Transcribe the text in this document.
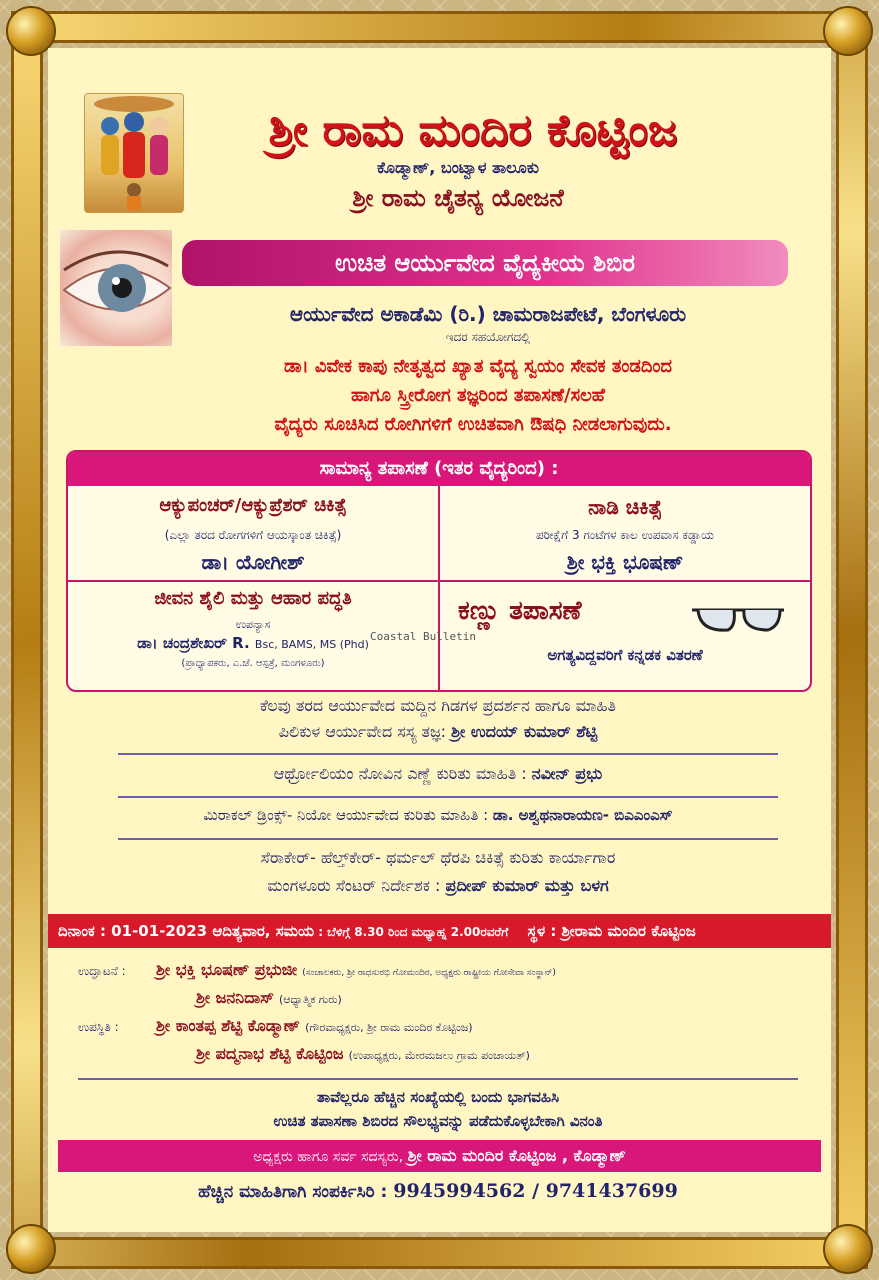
ಶ್ರೀ ರಾಮ ಮಂದಿರ ಕೊಟ್ಟಿಂಜ
ಕೊಡ್ಮಾಣ್, ಬಂಟ್ವಾಳ ತಾಲೂಕು
ಶ್ರೀ ರಾಮ ಚೈತನ್ಯ ಯೋಜನೆ
ಉಚಿತ ಆರ್ಯುವೇದ ವೈದ್ಯಕೀಯ ಶಿಬಿರ
ಆರ್ಯುವೇದ ಅಕಾಡೆಮಿ (ರಿ.) ಚಾಮರಾಜಪೇಟೆ, ಬೆಂಗಳೂರು
ಇದರ ಸಹಯೋಗದಲ್ಲಿ
ಡಾ। ವಿವೇಕ ಕಾಪು ನೇತೃತ್ವದ ಖ್ಯಾತ ವೈದ್ಯ ಸ್ವಯಂ ಸೇವಕ ತಂಡದಿಂದ
ಹಾಗೂ ಸ್ತ್ರೀರೋಗ ತಜ್ಞರಿಂದ ತಪಾಸಣೆ/ಸಲಹೆ
ವೈದ್ಯರು ಸೂಚಿಸಿದ ರೋಗಿಗಳಿಗೆ ಉಚಿತವಾಗಿ ಔಷಧಿ ನೀಡಲಾಗುವುದು.
ಸಾಮಾನ್ಯ ತಪಾಸಣೆ (ಇತರ ವೈದ್ಯರಿಂದ) :
ಆಕ್ಯುಪಂಚರ್/ಆಕ್ಯುಪ್ರೆಶರ್ ಚಿಕಿತ್ಸೆ
(ಎಲ್ಲಾ ತರದ ರೋಗಗಳಿಗೆ ಆಯಸ್ಕಾಂತ ಚಿಕಿತ್ಸೆ)
ಡಾ। ಯೋಗೀಶ್
ನಾಡಿ ಚಿಕಿತ್ಸೆ
ಪರೀಕ್ಷೆಗೆ 3 ಗಂಟೆಗಳ ಕಾಲ ಉಪವಾಸ ಕಡ್ಡಾಯ
ಶ್ರೀ ಭಕ್ತಿ ಭೂಷಣ್
ಜೀವನ ಶೈಲಿ ಮತ್ತು ಆಹಾರ ಪದ್ಧತಿ
ಉಪನ್ಯಾಸ
ಡಾ। ಚಂದ್ರಶೇಖರ್ R. Bsc, BAMS, MS (Phd)
(ಪ್ರಾಧ್ಯಾಪಕರು, ಎ.ಜೆ. ಆಸ್ಪತ್ರೆ, ಮಂಗಳೂರು)
ಕಣ್ಣು ತಪಾಸಣೆ
ಅಗತ್ಯವಿದ್ದವರಿಗೆ ಕನ್ನಡಕ ವಿತರಣೆ
Coastal Bulletin
ಕೆಲವು ತರದ ಆರ್ಯುವೇದ ಮದ್ದಿನ ಗಿಡಗಳ ಪ್ರದರ್ಶನ ಹಾಗೂ ಮಾಹಿತಿ
ಪಿಲಿಕುಳ ಆರ್ಯುವೇದ ಸಸ್ಯ ತಜ್ಞ: ಶ್ರೀ ಉದಯ್ ಕುಮಾರ್ ಶೆಟ್ಟಿ
ಆರ್ಥ್ರೋಲಿಯಂ ನೋವಿನ ಎಣ್ಣೆ ಕುರಿತು ಮಾಹಿತಿ : ನವೀನ್ ಪ್ರಭು
ಮಿರಾಕಲ್ ಡ್ರಿಂಕ್ಸ್- ನಿಯೋ ಆರ್ಯುವೇದ ಕುರಿತು ಮಾಹಿತಿ : ಡಾ. ಅಶ್ವಥನಾರಾಯಣ- ಬಿಎಎಂಎಸ್
ಸೆರಾಕೇರ್- ಹೆಲ್ತ್‌ಕೇರ್- ಥರ್ಮಲ್ ಥೆರಪಿ ಚಿಕಿತ್ಸೆ ಕುರಿತು ಕಾರ್ಯಾಗಾರ
ಮಂಗಳೂರು ಸೆಂಟರ್ ನಿರ್ದೇಶಕ : ಪ್ರದೀಪ್ ಕುಮಾರ್ ಮತ್ತು ಬಳಗ
ದಿನಾಂಕ : 01-01-2023 ಆದಿತ್ಯವಾರ, ಸಮಯ : ಬೆಳಿಗ್ಗೆ 8.30 ರಿಂದ ಮಧ್ಯಾಹ್ನ 2.00ರವರೆಗೆ ಸ್ಥಳ : ಶ್ರೀರಾಮ ಮಂದಿರ ಕೊಟ್ಟಿಂಜ
ಉದ್ಘಾಟನೆ : ಶ್ರೀ ಭಕ್ತಿ ಭೂಷಣ್ ಪ್ರಭುಜೀ (ಸಂಚಾಲಕರು, ಶ್ರೀ ರಾಧಸುರಭಿ ಗೋಮಂದಿರ, ಅಧ್ಯಕ್ಷರು ರಾಷ್ಟ್ರೀಯ ಗೋಸೇವಾ ಸಂಸ್ಥಾನ್)
ಶ್ರೀ ಜನನಿದಾಸ್ (ಆಧ್ಯಾತ್ಮಿಕ ಗುರು)
ಉಪಸ್ಥಿತಿ : ಶ್ರೀ ಕಾಂತಪ್ಪ ಶೆಟ್ಟಿ ಕೊಡ್ಮಾಣ್ (ಗೌರವಾಧ್ಯಕ್ಷರು, ಶ್ರೀ ರಾಮ ಮಂದಿರ ಕೊಟ್ಟಿಂಜ)
ಶ್ರೀ ಪದ್ಮನಾಭ ಶೆಟ್ಟಿ ಕೊಟ್ಟಿಂಜ (ಉಪಾಧ್ಯಕ್ಷರು, ಮೇರಮಜಲು ಗ್ರಾಮ ಪಂಚಾಯತ್)
ತಾವೆಲ್ಲರೂ ಹೆಚ್ಚಿನ ಸಂಖ್ಯೆಯಲ್ಲಿ ಬಂದು ಭಾಗವಹಿಸಿ
ಉಚಿತ ತಪಾಸಣಾ ಶಿಬಿರದ ಸೌಲಭ್ಯವನ್ನು ಪಡೆದುಕೊಳ್ಳಬೇಕಾಗಿ ವಿನಂತಿ
ಅಧ್ಯಕ್ಷರು ಹಾಗೂ ಸರ್ವ ಸದಸ್ಯರು, ಶ್ರೀ ರಾಮ ಮಂದಿರ ಕೊಟ್ಟಿಂಜ , ಕೊಡ್ಮಾಣ್
ಹೆಚ್ಚಿನ ಮಾಹಿತಿಗಾಗಿ ಸಂಪರ್ಕಿಸಿರಿ : 9945994562 / 9741437699
